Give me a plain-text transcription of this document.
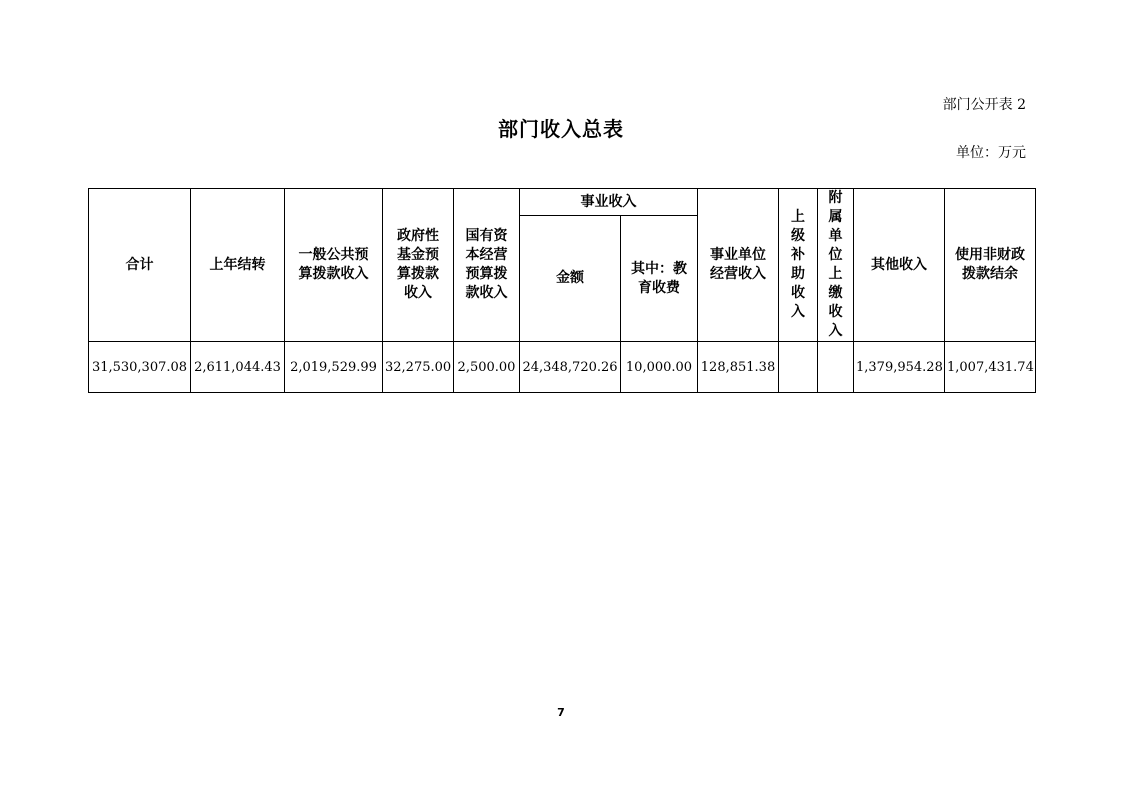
部门公开表 2
部门收入总表
单位：万元
合计	上年结转	一般公共预算拨款收入	政府性基金预算拨款收入	国有资本经营预算拨款收入	事业收入		事业单位经营收入	上级补助收入	附属单位上缴收入	其他收入	使用非财政拨款结余
					金额	其中：教育收费					
31,530,307.08	2,611,044.43	2,019,529.99	32,275.00	2,500.00	24,348,720.26	10,000.00	128,851.38			1,379,954.28	1,007,431.74
7
